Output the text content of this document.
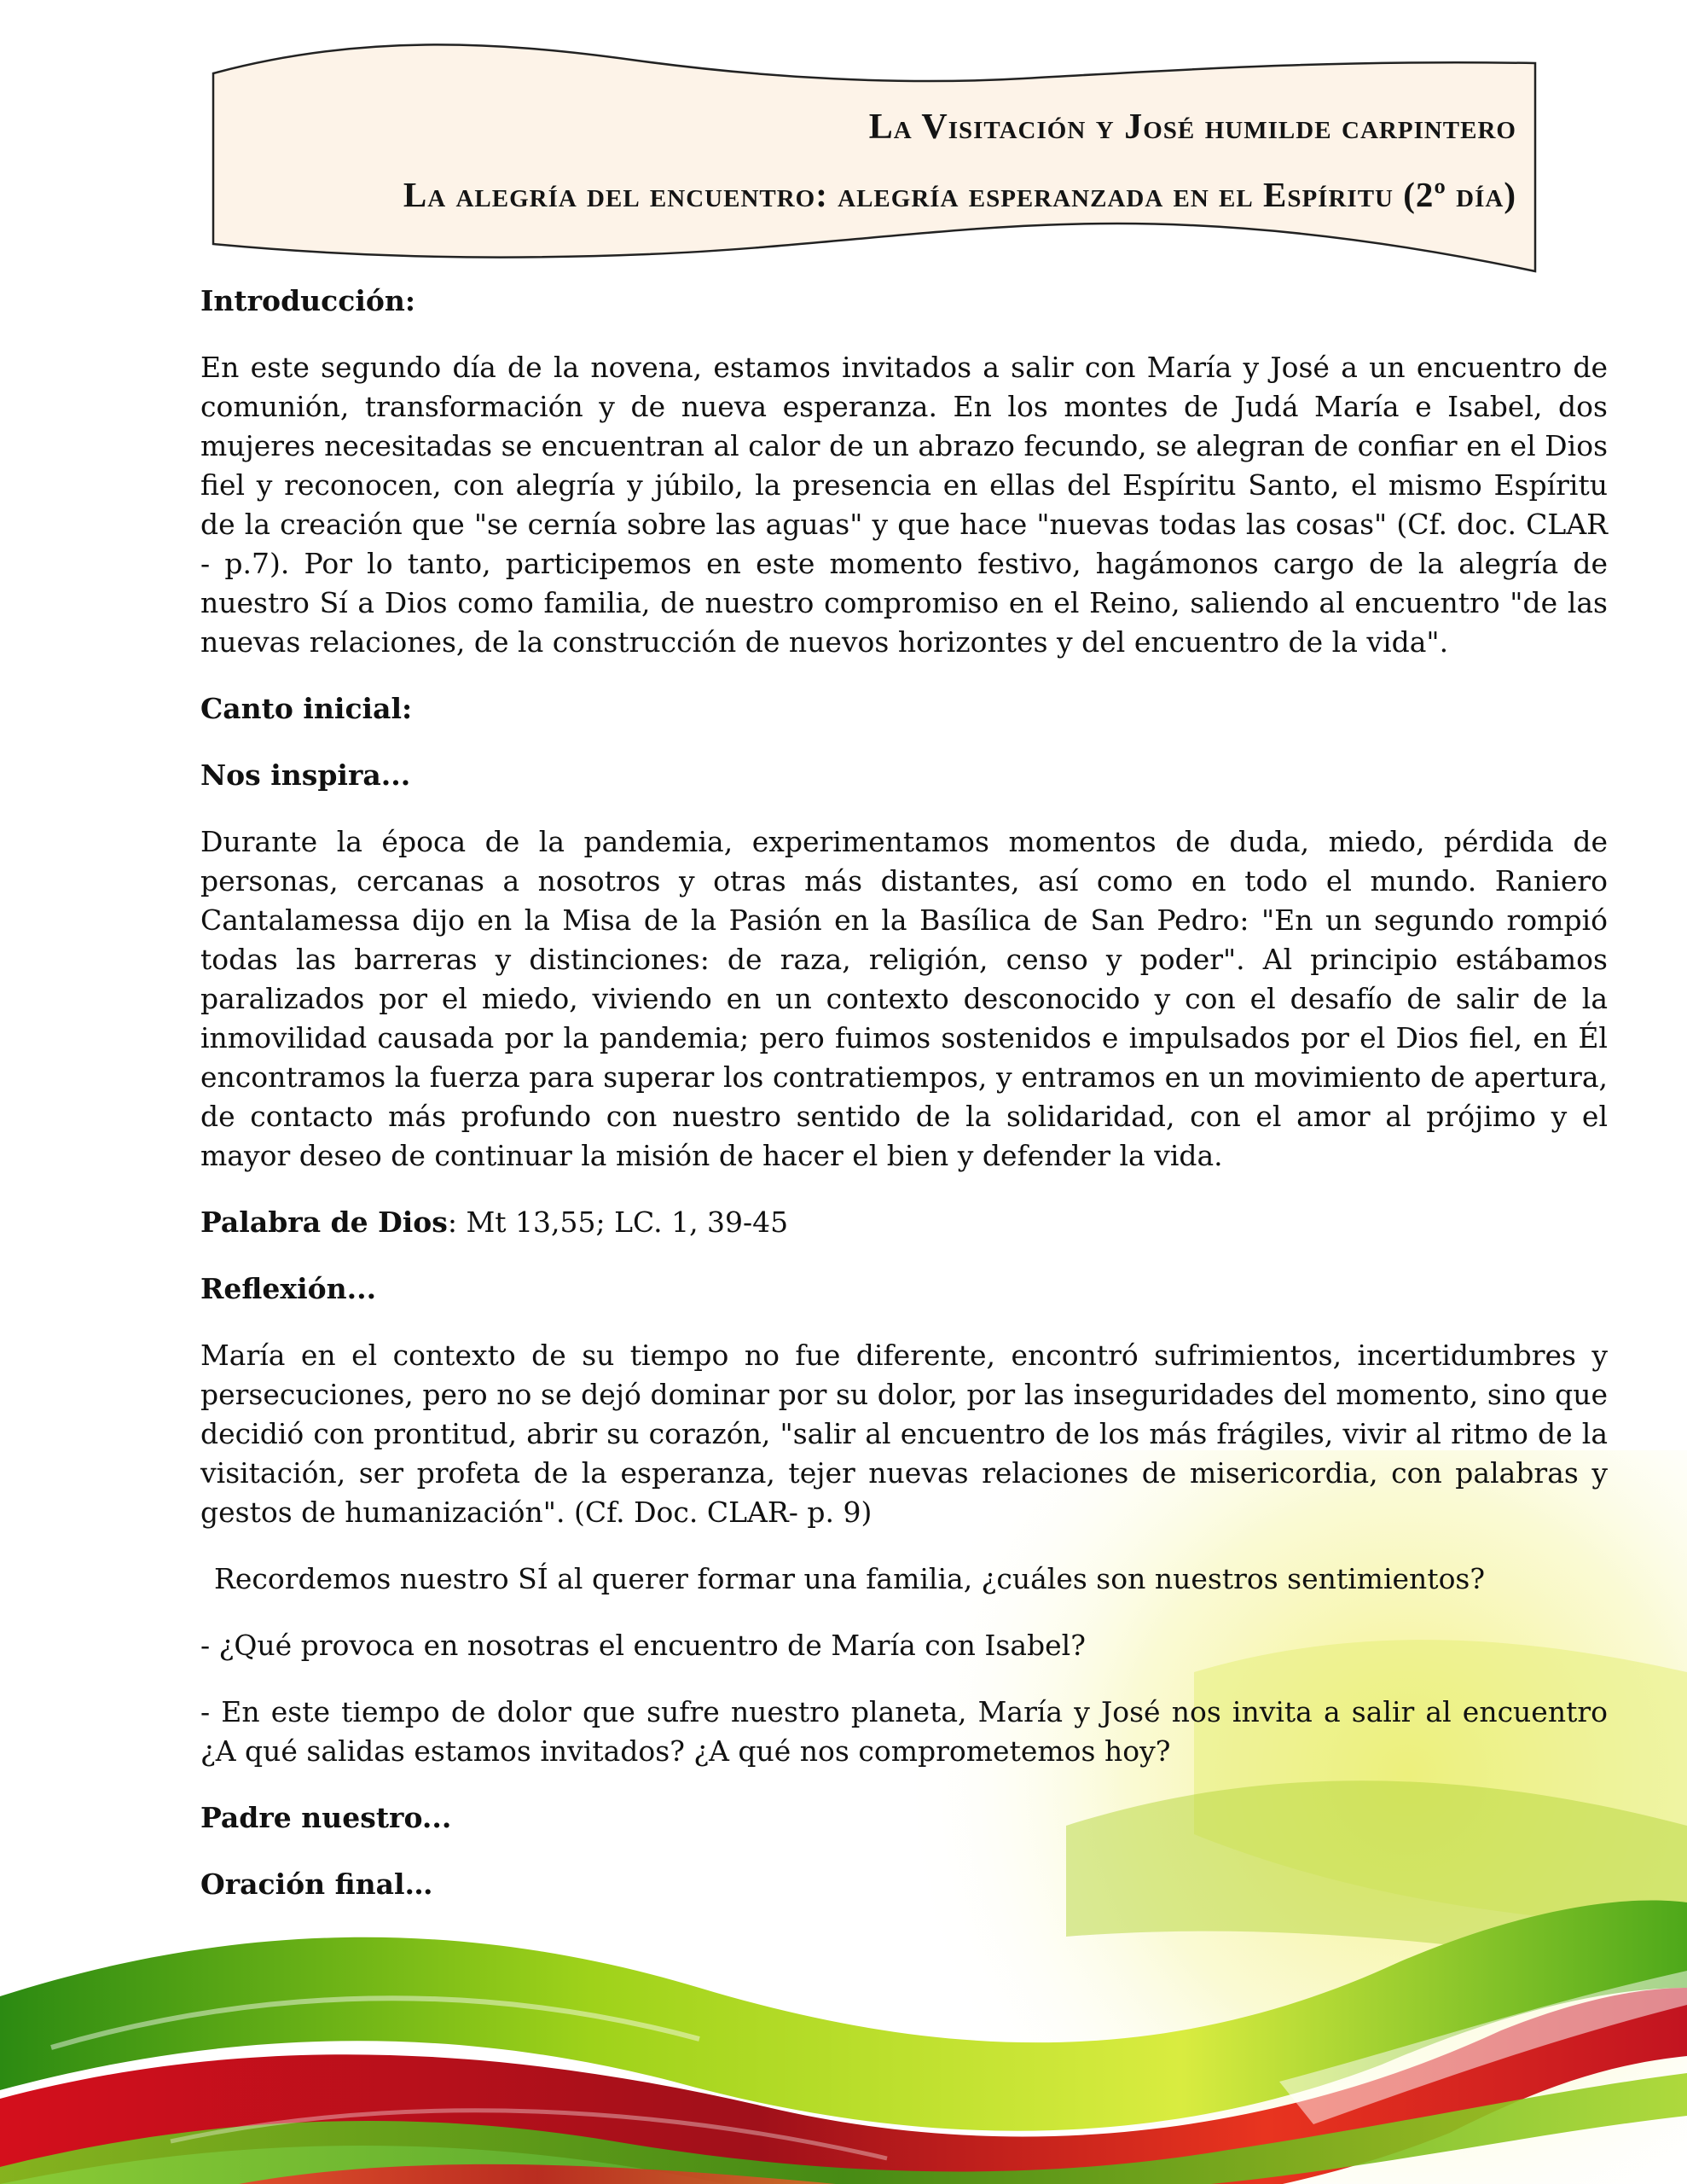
La Visitación y José humilde carpintero
La alegría del encuentro: alegría esperanzada en el Espíritu (2º día)
Introducción:
En este segundo día de la novena, estamos invitados a salir con María y José a un encuentro de comunión, transformación y de nueva esperanza. En los montes de Judá María e Isabel, dos mujeres necesitadas se encuentran al calor de un abrazo fecundo, se alegran de confiar en el Dios fiel y reconocen, con alegría y júbilo, la presencia en ellas del Espíritu Santo, el mismo Espíritu de la creación que "se cernía sobre las aguas" y que hace "nuevas todas las cosas" (Cf. doc. CLAR - p.7). Por lo tanto, participemos en este momento festivo, hagámonos cargo de la alegría de nuestro Sí a Dios como familia, de nuestro compromiso en el Reino, saliendo al encuentro "de las nuevas relaciones, de la construcción de nuevos horizontes y del encuentro de la vida".
Canto inicial:
Nos inspira...
Durante la época de la pandemia, experimentamos momentos de duda, miedo, pérdida de personas, cercanas a nosotros y otras más distantes, así como en todo el mundo. Raniero Cantalamessa dijo en la Misa de la Pasión en la Basílica de San Pedro: "En un segundo rompió todas las barreras y distinciones: de raza, religión, censo y poder". Al principio estábamos paralizados por el miedo, viviendo en un contexto desconocido y con el desafío de salir de la inmovilidad causada por la pandemia; pero fuimos sostenidos e impulsados por el Dios fiel, en Él encontramos la fuerza para superar los contratiempos, y entramos en un movimiento de apertura, de contacto más profundo con nuestro sentido de la solidaridad, con el amor al prójimo y el mayor deseo de continuar la misión de hacer el bien y defender la vida.
Palabra de Dios: Mt 13,55; LC. 1, 39-45
Reflexión...
María en el contexto de su tiempo no fue diferente, encontró sufrimientos, incertidumbres y persecuciones, pero no se dejó dominar por su dolor, por las inseguridades del momento, sino que decidió con prontitud, abrir su corazón, "salir al encuentro de los más frágiles, vivir al ritmo de la visitación, ser profeta de la esperanza, tejer nuevas relaciones de misericordia, con palabras y gestos de humanización". (Cf. Doc. CLAR- p. 9)
Recordemos nuestro SÍ al querer formar una familia, ¿cuáles son nuestros sentimientos?
- ¿Qué provoca en nosotras el encuentro de María con Isabel?
- En este tiempo de dolor que sufre nuestro planeta, María y José nos invita a salir al encuentro ¿A qué salidas estamos invitados? ¿A qué nos comprometemos hoy?
Padre nuestro...
Oración final…
